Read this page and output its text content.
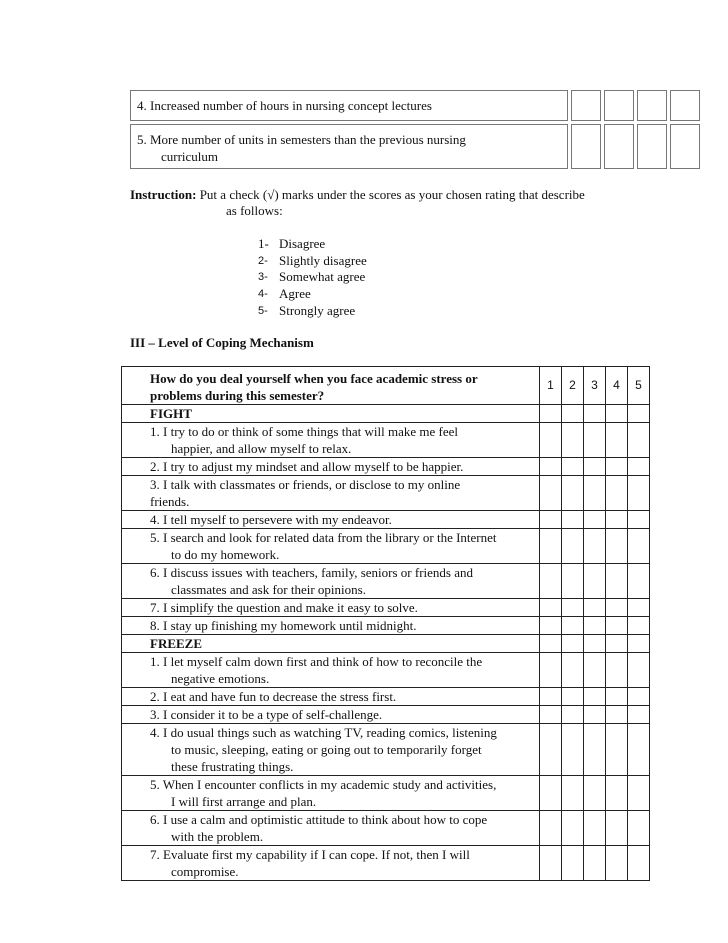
4. Increased number of hours in nursing concept lectures				
5. More number of units in semesters than the previous nursing
curriculum				

Instruction: Put a check (√) marks under the scores as your chosen rating that describe
as follows:
1- Disagree
2- Slightly disagree
3- Somewhat agree
4- Agree
5- Strongly agree
III – Level of Coping Mechanism
How do you deal yourself when you face academic stress or
problems during this semester?	1	2	3	4	5
FIGHT					
1. I try to do or think of some things that will make me feel
happier, and allow myself to relax.					

2. I try to adjust my mindset and allow myself to be happier.					
3. I talk with classmates or friends, or disclose to my online
friends.					
4. I tell myself to persevere with my endeavor.					
5. I search and look for related data from the library or the Internet
to do my homework.					

6. I discuss issues with teachers, family, seniors or friends and
classmates and ask for their opinions.					

7. I simplify the question and make it easy to solve.					
8. I stay up finishing my homework until midnight.					
FREEZE					
1. I let myself calm down first and think of how to reconcile the
negative emotions.					

2. I eat and have fun to decrease the stress first.					
3. I consider it to be a type of self-challenge.					
4. I do usual things such as watching TV, reading comics, listening
to music, sleeping, eating or going out to temporarily forget
these frustrating things.					

5. When I encounter conflicts in my academic study and activities,
I will first arrange and plan.					

6. I use a calm and optimistic attitude to think about how to cope
with the problem.					

7. Evaluate first my capability if I can cope. If not, then I will
compromise.					
